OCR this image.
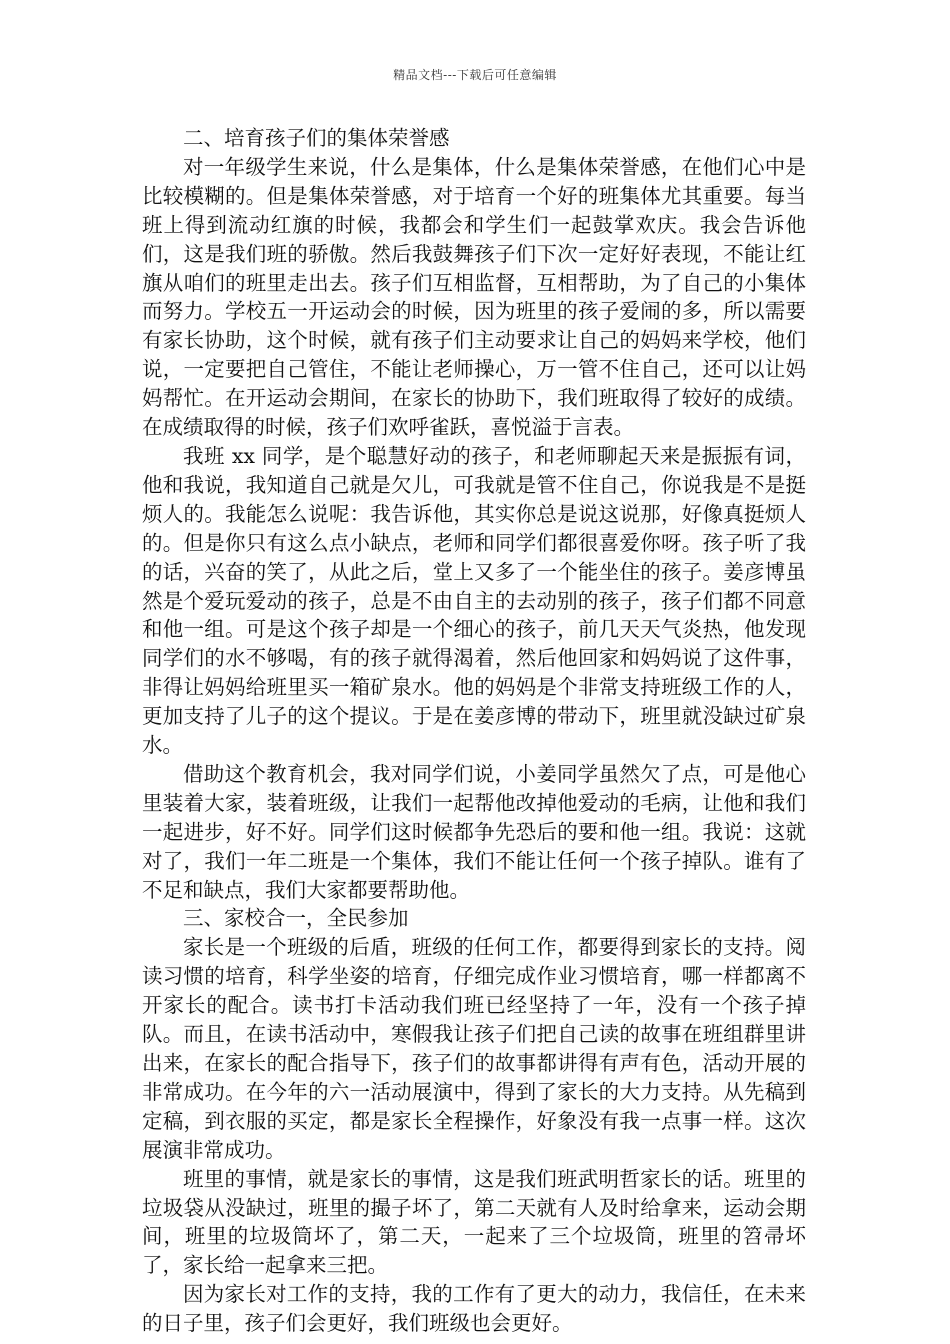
精品文档---下载后可任意编辑

二、培育孩子们的集体荣誉感

对一年级学生来说，什么是集体，什么是集体荣誉感，在他们心中是比较模糊的。但是集体荣誉感，对于培育一个好的班集体尤其重要。每当班上得到流动红旗的时候，我都会和学生们一起鼓掌欢庆。我会告诉他们，这是我们班的骄傲。然后我鼓舞孩子们下次一定好好表现，不能让红旗从咱们的班里走出去。孩子们互相监督，互相帮助，为了自己的小集体而努力。学校五一开运动会的时候，因为班里的孩子爱闹的多，所以需要有家长协助，这个时候，就有孩子们主动要求让自己的妈妈来学校，他们说，一定要把自己管住，不能让老师操心，万一管不住自己，还可以让妈妈帮忙。在开运动会期间，在家长的协助下，我们班取得了较好的成绩。在成绩取得的时候，孩子们欢呼雀跃，喜悦溢于言表。

我班 xx 同学，是个聪慧好动的孩子，和老师聊起天来是振振有词，他和我说，我知道自己就是欠儿，可我就是管不住自己，你说我是不是挺烦人的。我能怎么说呢：我告诉他，其实你总是说这说那，好像真挺烦人的。但是你只有这么点小缺点，老师和同学们都很喜爱你呀。孩子听了我的话，兴奋的笑了，从此之后，堂上又多了一个能坐住的孩子。姜彦博虽然是个爱玩爱动的孩子，总是不由自主的去动别的孩子，孩子们都不同意和他一组。可是这个孩子却是一个细心的孩子，前几天天气炎热，他发现同学们的水不够喝，有的孩子就得渴着，然后他回家和妈妈说了这件事，非得让妈妈给班里买一箱矿泉水。他的妈妈是个非常支持班级工作的人，更加支持了儿子的这个提议。于是在姜彦博的带动下，班里就没缺过矿泉水。

借助这个教育机会，我对同学们说，小姜同学虽然欠了点，可是他心里装着大家，装着班级，让我们一起帮他改掉他爱动的毛病，让他和我们一起进步，好不好。同学们这时候都争先恐后的要和他一组。我说：这就对了，我们一年二班是一个集体，我们不能让任何一个孩子掉队。谁有了不足和缺点，我们大家都要帮助他。

三、家校合一，全民参加

家长是一个班级的后盾，班级的任何工作，都要得到家长的支持。阅读习惯的培育，科学坐姿的培育，仔细完成作业习惯培育，哪一样都离不开家长的配合。读书打卡活动我们班已经坚持了一年，没有一个孩子掉队。而且，在读书活动中，寒假我让孩子们把自己读的故事在班组群里讲出来，在家长的配合指导下，孩子们的故事都讲得有声有色，活动开展的非常成功。在今年的六一活动展演中，得到了家长的大力支持。从先稿到定稿，到衣服的买定，都是家长全程操作，好象没有我一点事一样。这次展演非常成功。

班里的事情，就是家长的事情，这是我们班武明哲家长的话。班里的垃圾袋从没缺过，班里的撮子坏了，第二天就有人及时给拿来，运动会期间，班里的垃圾筒坏了，第二天，一起来了三个垃圾筒，班里的笤帚坏了，家长给一起拿来三把。

因为家长对工作的支持，我的工作有了更大的动力，我信任，在未来的日子里，孩子们会更好，我们班级也会更好。
